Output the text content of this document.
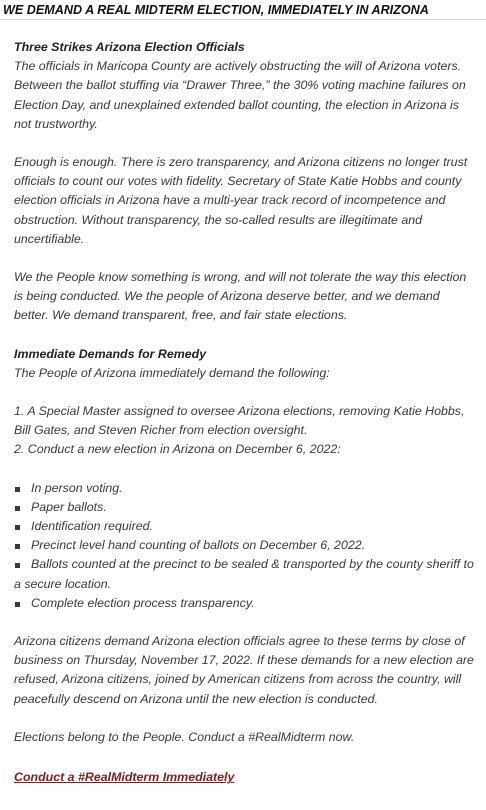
WE DEMAND A REAL MIDTERM ELECTION, IMMEDIATELY IN ARIZONA
Three Strikes Arizona Election Officials

The officials in Maricopa County are actively obstructing the will of Arizona voters. Between the ballot stuffing via “Drawer Three,” the 30% voting machine failures on Election Day, and unexplained extended ballot counting, the election in Arizona is not trustworthy.

Enough is enough. There is zero transparency, and Arizona citizens no longer trust officials to count our votes with fidelity. Secretary of State Katie Hobbs and county election officials in Arizona have a multi-year track record of incompetence and obstruction. Without transparency, the so-called results are illegitimate and uncertifiable.

We the People know something is wrong, and will not tolerate the way this election is being conducted. We the people of Arizona deserve better, and we demand better. We demand transparent, free, and fair state elections.

Immediate Demands for Remedy

The People of Arizona immediately demand the following:

1. A Special Master assigned to oversee Arizona elections, removing Katie Hobbs, Bill Gates, and Steven Richer from election oversight.

2. Conduct a new election in Arizona on December 6, 2022:

In person voting.
Paper ballots.
Identification required.
Precinct level hand counting of ballots on December 6, 2022.
Ballots counted at the precinct to be sealed & transported by the county sheriff to a secure location.
Complete election process transparency.

Arizona citizens demand Arizona election officials agree to these terms by close of business on Thursday, November 17, 2022. If these demands for a new election are refused, Arizona citizens, joined by American citizens from across the country, will peacefully descend on Arizona until the new election is conducted.

Elections belong to the People. Conduct a #RealMidterm now.

Conduct a #RealMidterm Immediately
